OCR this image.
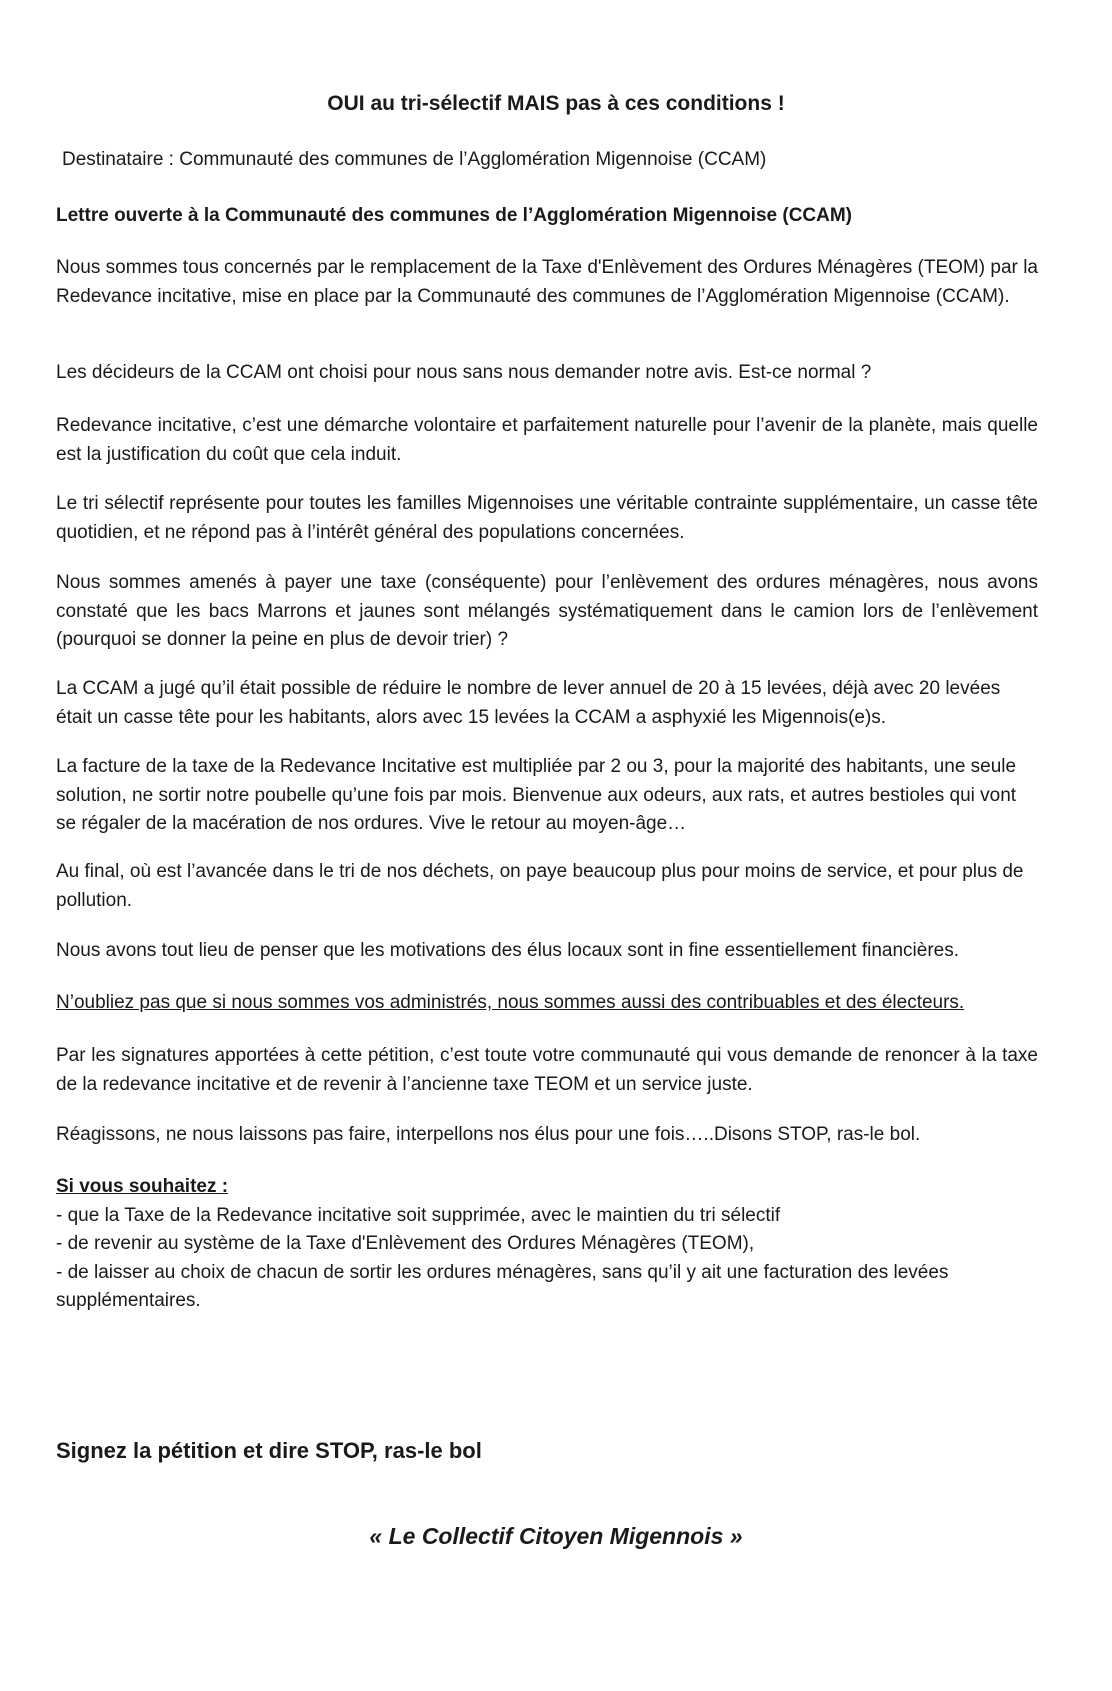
OUI au tri-sélectif MAIS pas à ces conditions !
Destinataire : Communauté des communes de l’Agglomération Migennoise (CCAM)
Lettre ouverte à la Communauté des communes de l’Agglomération Migennoise (CCAM)
Nous sommes tous concernés par le remplacement de la Taxe d'Enlèvement des Ordures Ménagères (TEOM) par la Redevance incitative, mise en place par la Communauté des communes de l’Agglomération Migennoise (CCAM).
Les décideurs de la CCAM ont choisi pour nous sans nous demander notre avis. Est-ce normal ?
Redevance incitative, c’est une démarche volontaire et parfaitement naturelle pour l’avenir de la planète, mais quelle est la justification du coût que cela induit.
Le tri sélectif représente pour toutes les familles Migennoises une véritable contrainte supplémentaire, un casse tête quotidien, et ne répond pas à l’intérêt général des populations concernées.
Nous sommes amenés à payer une taxe (conséquente) pour l’enlèvement des ordures ménagères, nous avons constaté que les bacs Marrons et jaunes sont mélangés systématiquement dans le camion lors de l’enlèvement (pourquoi se donner la peine en plus de devoir trier) ?
La CCAM a jugé qu’il était possible de réduire le nombre de lever annuel de 20 à 15 levées, déjà avec 20 levées était un casse tête pour les habitants, alors avec 15 levées la CCAM a asphyxié les Migennois(e)s.
La facture de la taxe de la Redevance Incitative est multipliée par 2 ou 3, pour la majorité des habitants, une seule solution, ne sortir notre poubelle qu’une fois par mois. Bienvenue aux odeurs, aux rats, et autres bestioles qui vont se régaler de la macération de nos ordures. Vive le retour au moyen-âge…
Au final, où est l’avancée dans le tri de nos déchets, on paye beaucoup plus pour moins de service, et pour plus de pollution.
Nous avons tout lieu de penser que les motivations des élus locaux sont in fine essentiellement financières.
N’oubliez pas que si nous sommes vos administrés, nous sommes aussi des contribuables et des électeurs.
Par les signatures apportées à cette pétition, c’est toute votre communauté qui vous demande de renoncer à la taxe de la redevance incitative et de revenir à l’ancienne taxe TEOM et un service juste.
Réagissons, ne nous laissons pas faire, interpellons nos élus pour une fois…..Disons STOP, ras-le bol.
Si vous souhaitez :
- que la Taxe de la Redevance incitative soit supprimée, avec le maintien du tri sélectif
- de revenir au système de la Taxe d'Enlèvement des Ordures Ménagères (TEOM),
- de laisser au choix de chacun de sortir les ordures ménagères, sans qu’il y ait une facturation des levées supplémentaires.
Signez la pétition et dire STOP, ras-le bol
« Le Collectif Citoyen Migennois »
